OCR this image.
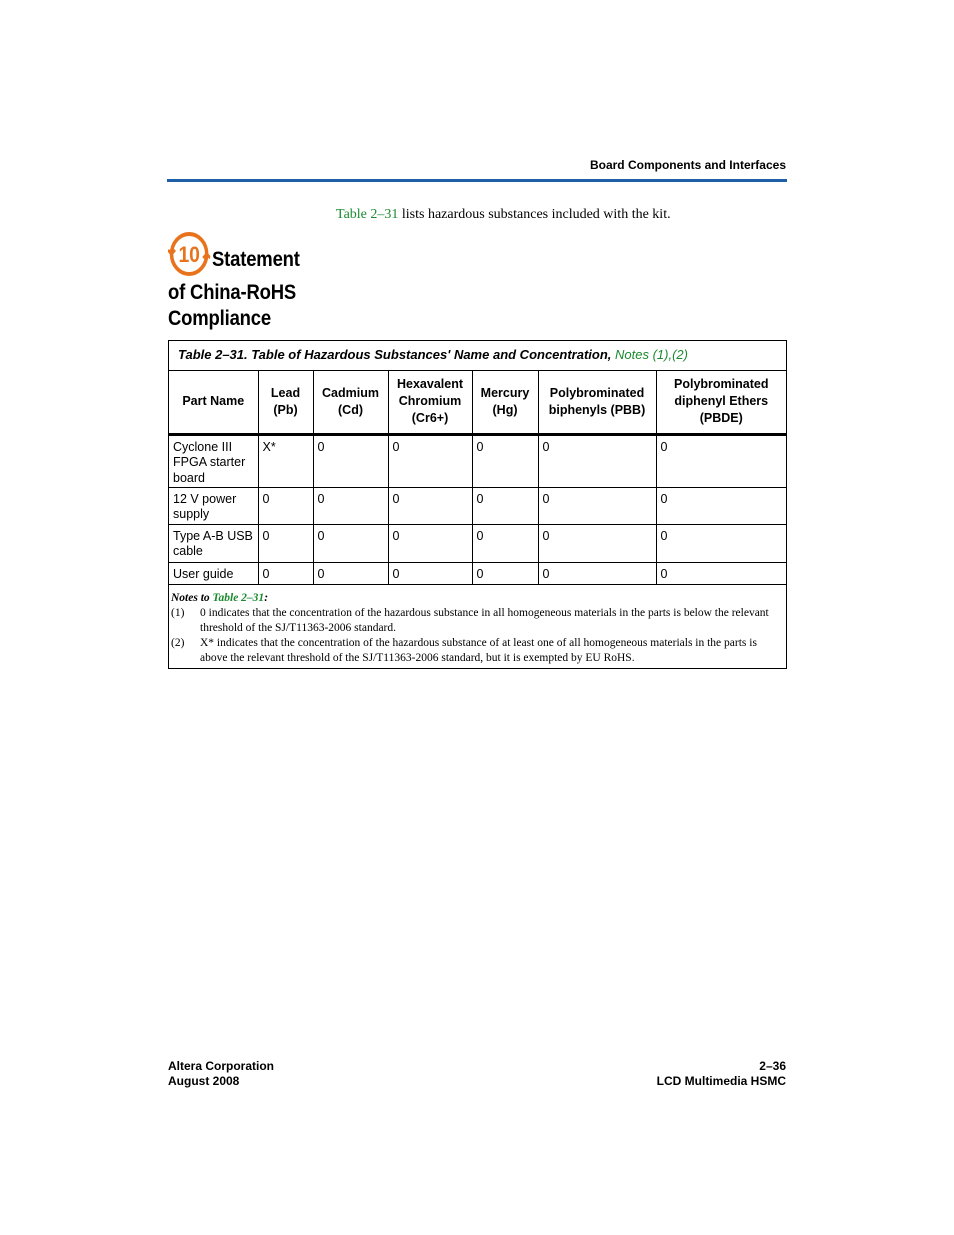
Board Components and Interfaces
10 Statement
of China-RoHS
Compliance
Table 2–31 lists hazardous substances included with the kit.
Table 2–31. Table of Hazardous Substances' Name and Concentration, Notes (1),(2)
Part Name	Lead (Pb)	Cadmium (Cd)	Hexavalent Chromium (Cr6+)	Mercury (Hg)	Polybrominated biphenyls (PBB)	Polybrominated diphenyl Ethers (PBDE)
Cyclone III FPGA starter board	X*	0	0	0	0	0
12 V power supply	0	0	0	0	0	0
Type A-B USB cable	0	0	0	0	0	0
User guide	0	0	0	0	0	0
Notes to Table 2–31:
(1) 0 indicates that the concentration of the hazardous substance in all homogeneous materials in the parts is below the relevant threshold of the SJ/T11363-2006 standard.
(2) X* indicates that the concentration of the hazardous substance of at least one of all homogeneous materials in the parts is above the relevant threshold of the SJ/T11363-2006 standard, but it is exempted by EU RoHS.
Altera Corporation
August 2008
2–36
LCD Multimedia HSMC
